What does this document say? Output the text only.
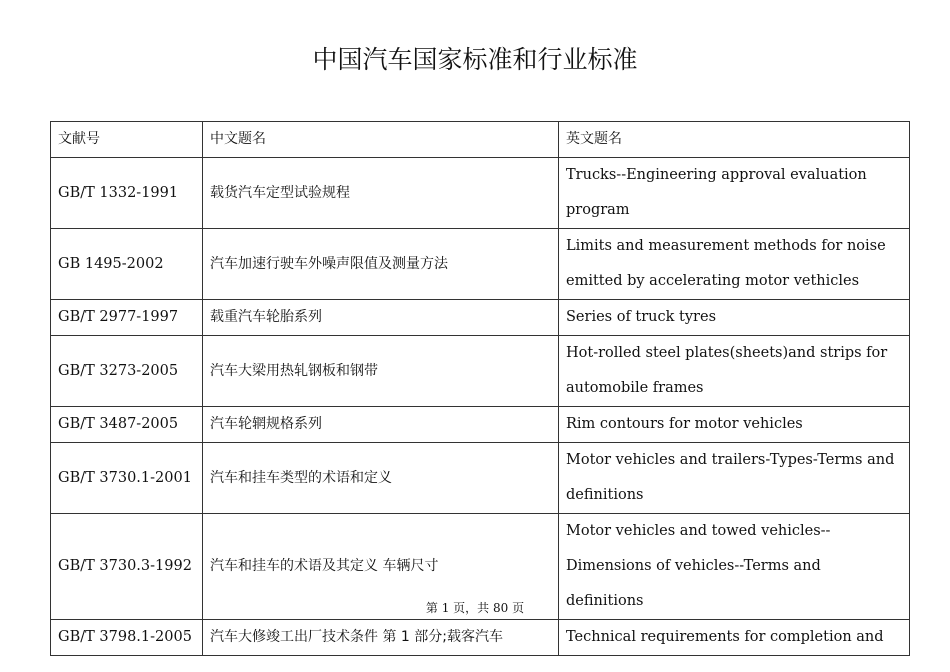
中国汽车国家标准和行业标准
文献号	中文题名	英文题名
GB/T 1332-1991	载货汽车定型试验规程	Trucks--Engineering approval evaluation program
GB 1495-2002	汽车加速行驶车外噪声限值及测量方法	Limits and measurement methods for noise emitted by accelerating motor vethicles
GB/T 2977-1997	载重汽车轮胎系列	Series of truck tyres
GB/T 3273-2005	汽车大梁用热轧钢板和钢带	Hot-rolled steel plates(sheets)and strips for automobile frames
GB/T 3487-2005	汽车轮辋规格系列	Rim contours for motor vehicles
GB/T 3730.1-2001	汽车和挂车类型的术语和定义	Motor vehicles and trailers-Types-Terms and definitions
GB/T 3730.3-1992	汽车和挂车的术语及其定义 车辆尺寸	Motor vehicles and towed vehicles--Dimensions of vehicles--Terms and definitions
GB/T 3798.1-2005	汽车大修竣工出厂技术条件 第 1 部分;载客汽车	Technical requirements for completion and
第 1 页，共 80 页
